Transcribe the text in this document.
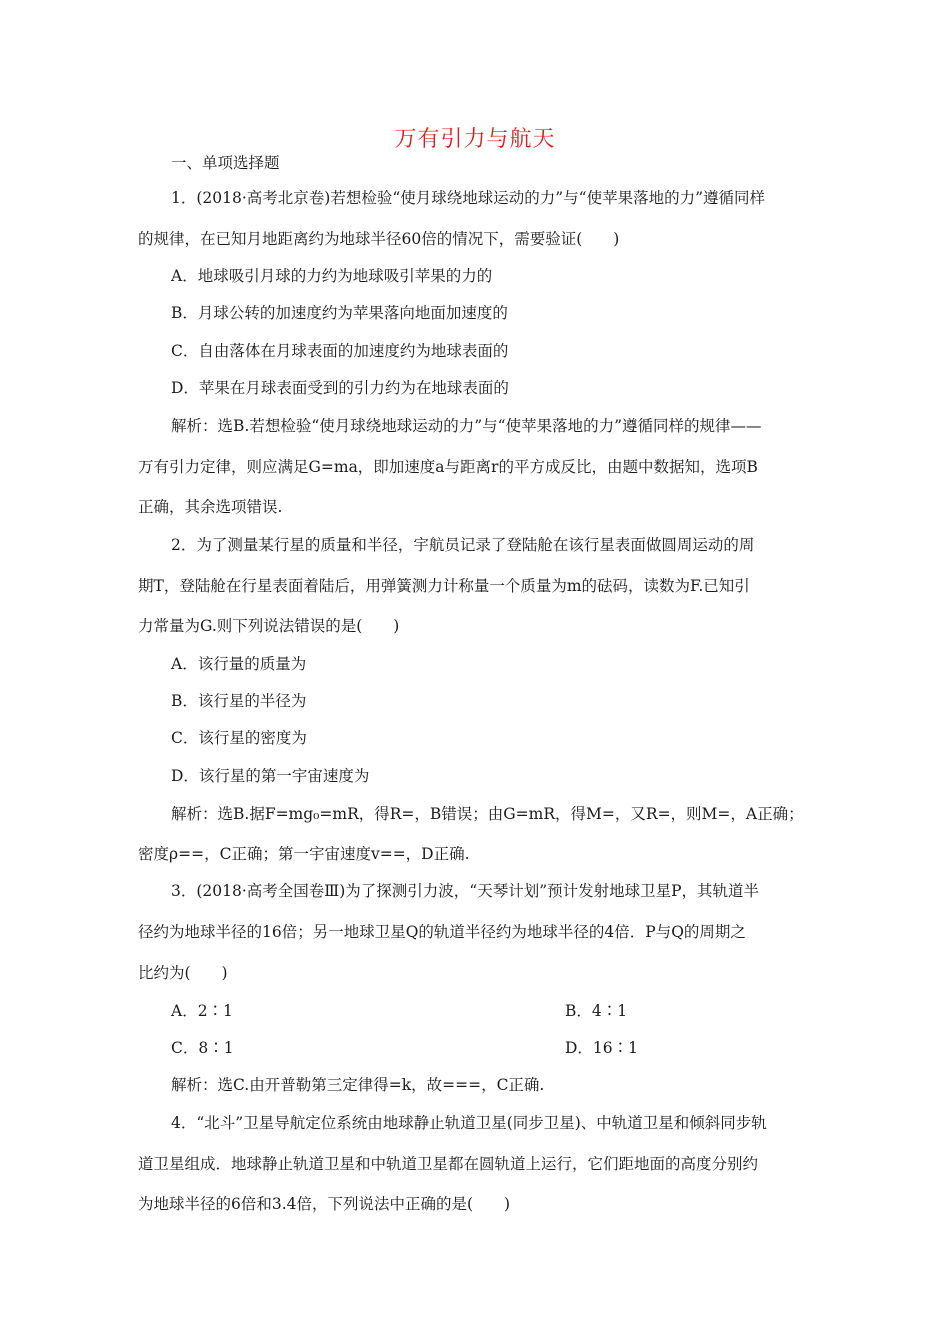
万有引力与航天
一、单项选择题
1．(2018·高考北京卷)若想检验“使月球绕地球运动的力”与“使苹果落地的力”遵循同样
的规律，在已知月地距离约为地球半径60倍的情况下，需要验证(　　)
A．地球吸引月球的力约为地球吸引苹果的力的
B．月球公转的加速度约为苹果落向地面加速度的
C．自由落体在月球表面的加速度约为地球表面的
D．苹果在月球表面受到的引力约为在地球表面的
解析：选B.若想检验“使月球绕地球运动的力”与“使苹果落地的力”遵循同样的规律——
万有引力定律，则应满足G=ma，即加速度a与距离r的平方成反比，由题中数据知，选项B
正确，其余选项错误.
2．为了测量某行星的质量和半径，宇航员记录了登陆舱在该行星表面做圆周运动的周
期T，登陆舱在行星表面着陆后，用弹簧测力计称量一个质量为m的砝码，读数为F.已知引
力常量为G.则下列说法错误的是(　　)
A．该行量的质量为
B．该行星的半径为
C．该行星的密度为
D．该行星的第一宇宙速度为
解析：选B.据F=mg₀=mR，得R=，B错误；由G=mR，得M=，又R=，则M=，A正确；
密度ρ==，C正确；第一宇宙速度v==，D正确.
3．(2018·高考全国卷Ⅲ)为了探测引力波，“天琴计划”预计发射地球卫星P，其轨道半
径约为地球半径的16倍；另一地球卫星Q的轨道半径约为地球半径的4倍．P与Q的周期之
比约为(　　)
A．2∶1	B．4∶1
C．8∶1	D．16∶1
解析：选C.由开普勒第三定律得=k，故===，C正确.
4．“北斗”卫星导航定位系统由地球静止轨道卫星(同步卫星)、中轨道卫星和倾斜同步轨
道卫星组成．地球静止轨道卫星和中轨道卫星都在圆轨道上运行，它们距地面的高度分别约
为地球半径的6倍和3.4倍，下列说法中正确的是(　　)
